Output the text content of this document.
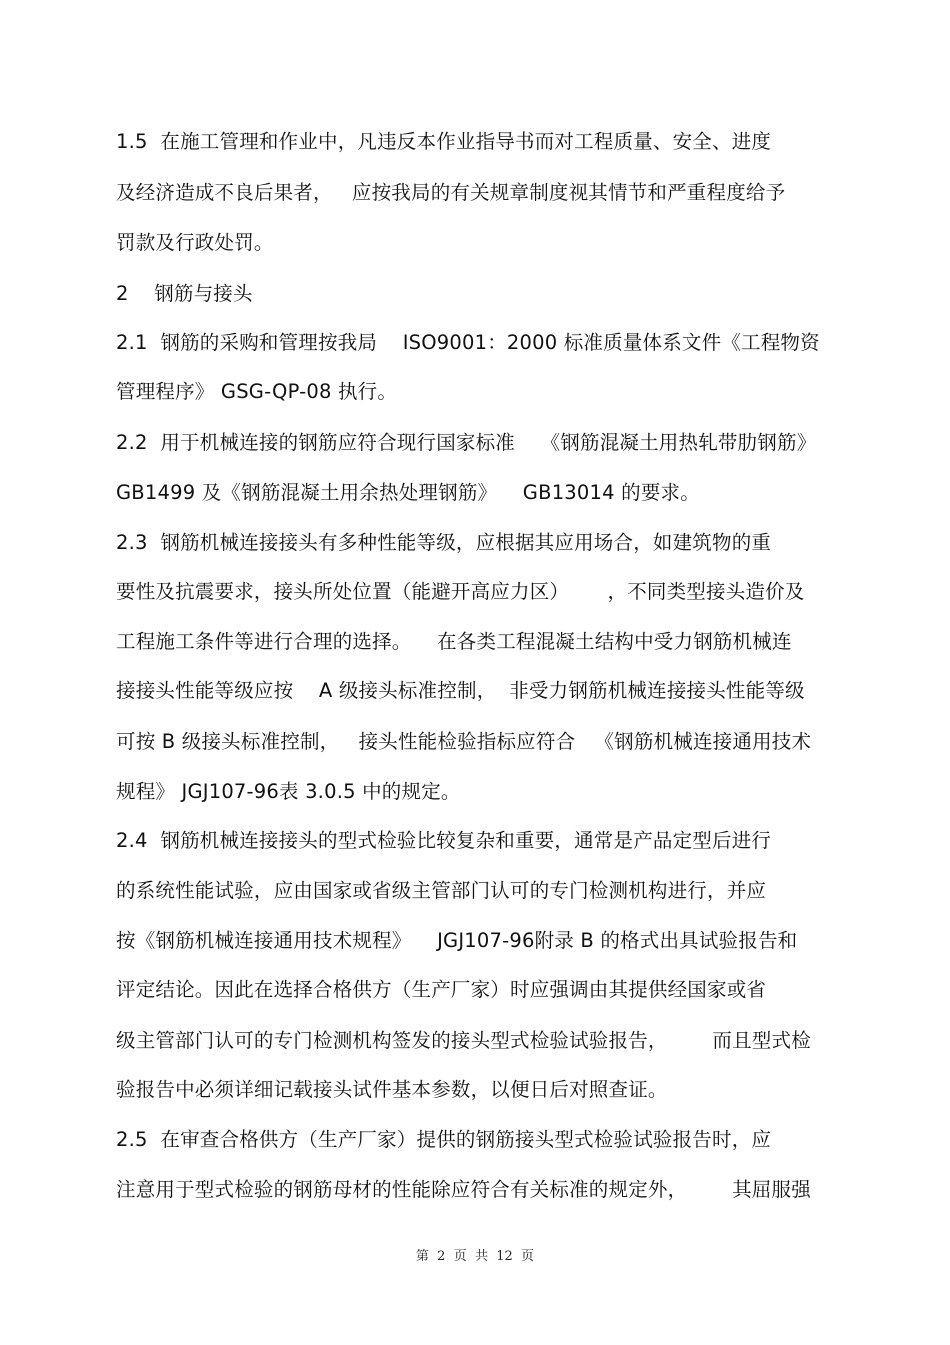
1.5  在施工管理和作业中，凡违反本作业指导书而对工程质量、安全、进度
及经济造成不良后果者，   应按我局的有关规章制度视其情节和严重程度给予
罚款及行政处罚。
2    钢筋与接头
2.1  钢筋的采购和管理按我局    ISO9001：2000 标准质量体系文件《工程物资
管理程序》 GSG-QP-08 执行。
2.2  用于机械连接的钢筋应符合现行国家标准    《钢筋混凝土用热轧带肋钢筋》
GB1499 及《钢筋混凝土用余热处理钢筋》    GB13014 的要求。
2.3  钢筋机械连接接头有多种性能等级，应根据其应用场合，如建筑物的重
要性及抗震要求，接头所处位置（能避开高应力区）      ，不同类型接头造价及
工程施工条件等进行合理的选择。    在各类工程混凝土结构中受力钢筋机械连
接接头性能等级应按    A 级接头标准控制，  非受力钢筋机械连接接头性能等级
可按 B 级接头标准控制，   接头性能检验指标应符合   《钢筋机械连接通用技术
规程》 JGJ107-96表 3.0.5 中的规定。
2.4  钢筋机械连接接头的型式检验比较复杂和重要，通常是产品定型后进行
的系统性能试验，应由国家或省级主管部门认可的专门检测机构进行，并应
按《钢筋机械连接通用技术规程》    JGJ107-96附录 B 的格式出具试验报告和
评定结论。因此在选择合格供方（生产厂家）时应强调由其提供经国家或省
级主管部门认可的专门检测机构签发的接头型式检验试验报告，       而且型式检
验报告中必须详细记载接头试件基本参数，以便日后对照查证。
2.5  在审查合格供方（生产厂家）提供的钢筋接头型式检验试验报告时，应
注意用于型式检验的钢筋母材的性能除应符合有关标准的规定外，       其屈服强
第  2  页  共  12  页
